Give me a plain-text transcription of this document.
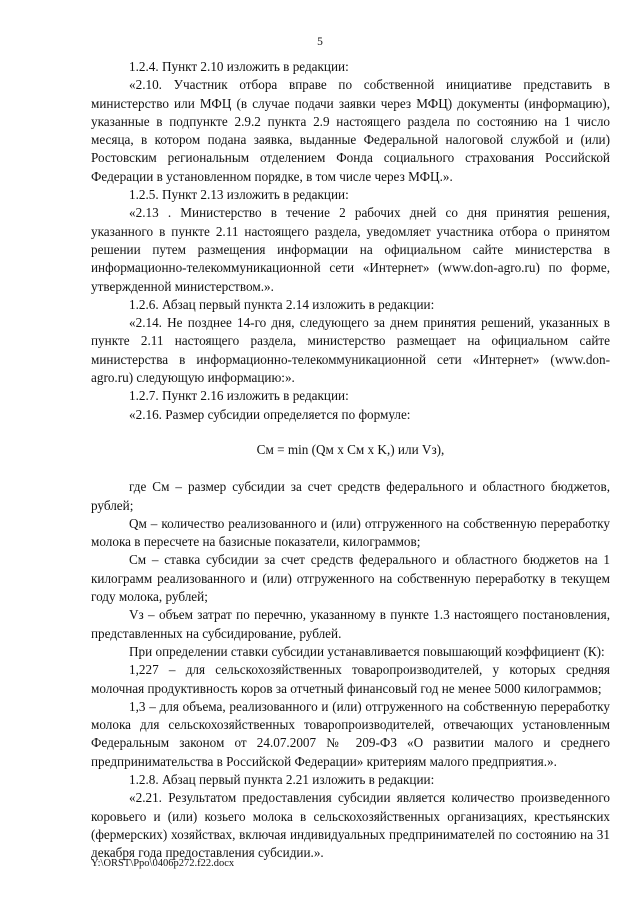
5

1.2.4. Пункт 2.10 изложить в редакции:

«2.10. Участник отбора вправе по собственной инициативе представить в министерство или МФЦ (в случае подачи заявки через МФЦ) документы (информацию), указанные в подпункте 2.9.2 пункта 2.9 настоящего раздела по состоянию на 1 число месяца, в котором подана заявка, выданные Федеральной налоговой службой и (или) Ростовским региональным отделением Фонда социального страхования Российской Федерации в установленном порядке, в том числе через МФЦ.».

1.2.5. Пункт 2.13 изложить в редакции:

«2.13 . Министерство в течение 2 рабочих дней со дня принятия решения, указанного в пункте 2.11 настоящего раздела, уведомляет участника отбора о принятом решении путем размещения информации на официальном сайте министерства в информационно-телекоммуникационной сети «Интернет» (www.don-agro.ru) по форме, утвержденной министерством.».

1.2.6. Абзац первый пункта 2.14 изложить в редакции:

«2.14. Не позднее 14-го дня, следующего за днем принятия решений, указанных в пункте 2.11 настоящего раздела, министерство размещает на официальном сайте министерства в информационно-телекоммуникационной сети «Интернет» (www.don-agro.ru) следующую информацию:».

1.2.7. Пункт 2.16 изложить в редакции:

«2.16. Размер субсидии определяется по формуле:

Cм = min (Qм x Cм x K,) или Vз),

где Cм – размер субсидии за счет средств федерального и областного бюджетов, рублей;

Qм – количество реализованного и (или) отгруженного на собственную переработку молока в пересчете на базисные показатели, килограммов;

Cм – ставка субсидии за счет средств федерального и областного бюджетов на 1 килограмм реализованного и (или) отгруженного на собственную переработку в текущем году молока, рублей;

Vз – объем затрат по перечню, указанному в пункте 1.3 настоящего постановления, представленных на субсидирование, рублей.

При определении ставки субсидии устанавливается повышающий коэффициент (К):

1,227 – для сельскохозяйственных товаропроизводителей, у которых средняя молочная продуктивность коров за отчетный финансовый год не менее 5000 килограммов;

1,3 – для объема, реализованного и (или) отгруженного на собственную переработку молока для сельскохозяйственных товаропроизводителей, отвечающих установленным Федеральным законом от 24.07.2007 № 209-ФЗ «О развитии малого и среднего предпринимательства в Российской Федерации» критериям малого предприятия.».

1.2.8. Абзац первый пункта 2.21 изложить в редакции:

«2.21. Результатом предоставления субсидии является количество произведенного коровьего и (или) козьего молока в сельскохозяйственных организациях, крестьянских (фермерских) хозяйствах, включая индивидуальных предпринимателей по состоянию на 31 декабря года предоставления субсидии.».

Y:\ORST\Ppo\0406p272.f22.docx
